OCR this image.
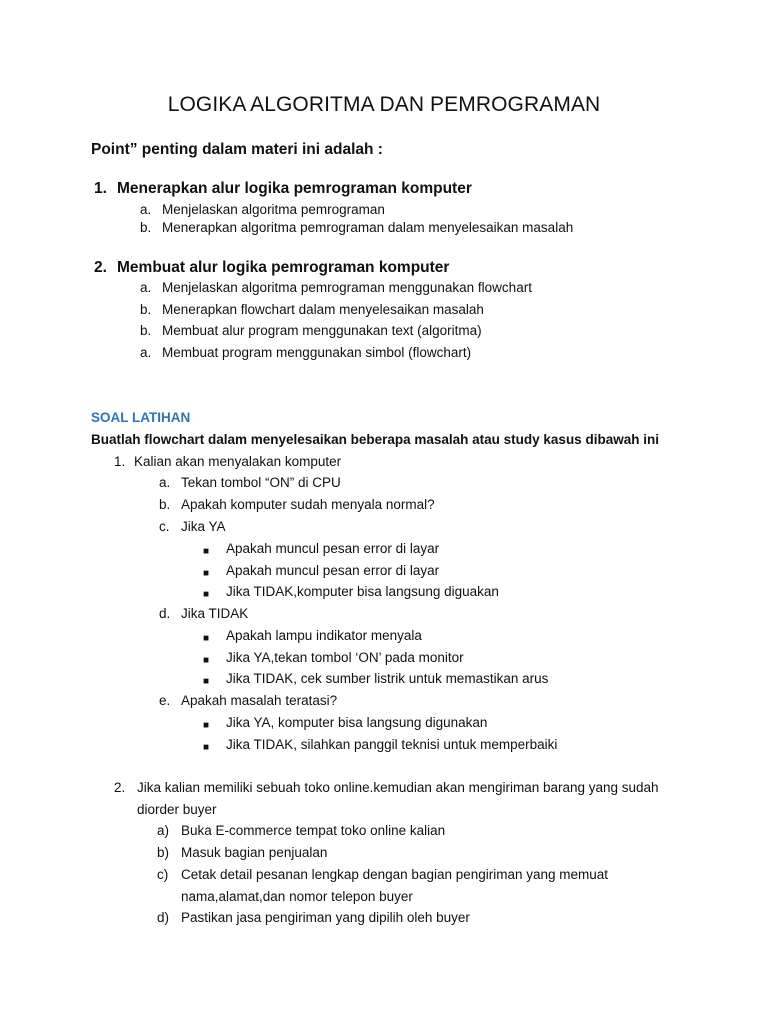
LOGIKA ALGORITMA DAN PEMROGRAMAN
Point” penting dalam materi ini adalah :
1. Menerapkan alur logika pemrograman komputer
a. Menjelaskan algoritma pemrograman
b. Menerapkan algoritma pemrograman dalam menyelesaikan masalah
2. Membuat alur logika pemrograman komputer
a. Menjelaskan algoritma pemrograman menggunakan flowchart
b. Menerapkan flowchart dalam menyelesaikan masalah
b. Membuat alur program menggunakan text (algoritma)
a. Membuat program menggunakan simbol (flowchart)
SOAL LATIHAN
Buatlah flowchart dalam menyelesaikan beberapa masalah atau study kasus dibawah ini
1. Kalian akan menyalakan komputer
a. Tekan tombol “ON” di CPU
b. Apakah komputer sudah menyala normal?
c. Jika YA
■ Apakah muncul pesan error di layar
■ Apakah muncul pesan error di layar
■ Jika TIDAK,komputer bisa langsung diguakan
d. Jika TIDAK
■ Apakah lampu indikator menyala
■ Jika YA,tekan tombol ‘ON’ pada monitor
■ Jika TIDAK, cek sumber listrik untuk memastikan arus
e. Apakah masalah teratasi?
■ Jika YA, komputer bisa langsung digunakan
■ Jika TIDAK, silahkan panggil teknisi untuk memperbaiki
2. Jika kalian memiliki sebuah toko online.kemudian akan mengiriman barang yang sudah
diorder buyer
a) Buka E-commerce tempat toko online kalian
b) Masuk bagian penjualan
c) Cetak detail pesanan lengkap dengan bagian pengiriman yang memuat
nama,alamat,dan nomor telepon buyer
d) Pastikan jasa pengiriman yang dipilih oleh buyer
